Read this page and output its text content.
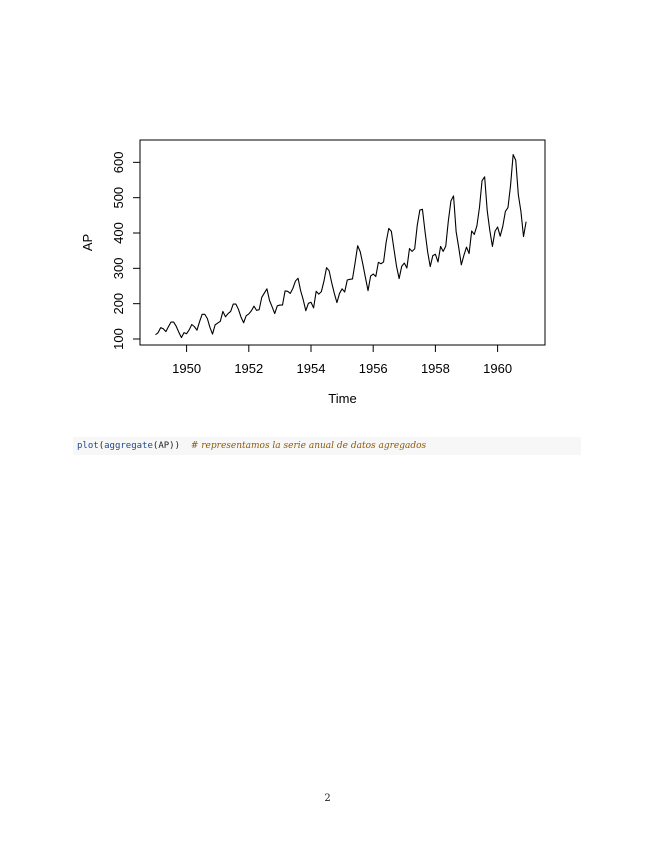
1950	1952	1954	1956	1958	1960
100
200
300
400
500
600
Time
AP
plot(aggregate(AP)) # representamos la serie anual de datos agregados
2
